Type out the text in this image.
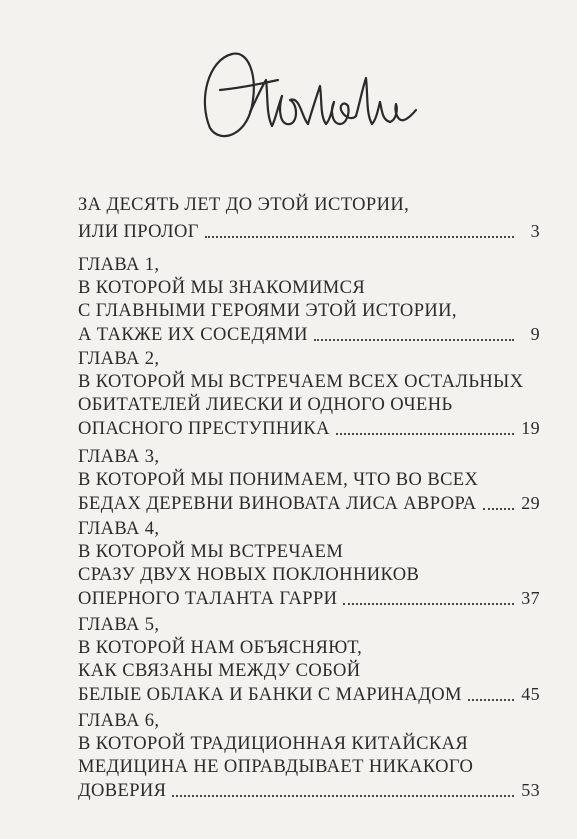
ЗА ДЕСЯТЬ ЛЕТ ДО ЭТОЙ ИСТОРИИ,
ИЛИ ПРОЛОГ	3
ГЛАВА 1,
В КОТОРОЙ МЫ ЗНАКОМИМСЯ
С ГЛАВНЫМИ ГЕРОЯМИ ЭТОЙ ИСТОРИИ,
А ТАКЖЕ ИХ СОСЕДЯМИ	9
ГЛАВА 2,
В КОТОРОЙ МЫ ВСТРЕЧАЕМ ВСЕХ ОСТАЛЬНЫХ
ОБИТАТЕЛЕЙ ЛИЕСКИ И ОДНОГО ОЧЕНЬ
ОПАСНОГО ПРЕСТУПНИКА	19
ГЛАВА 3,
В КОТОРОЙ МЫ ПОНИМАЕМ, ЧТО ВО ВСЕХ
БЕДАХ ДЕРЕВНИ ВИНОВАТА ЛИСА АВРОРА 29
ГЛАВА 4,
В КОТОРОЙ МЫ ВСТРЕЧАЕМ
СРАЗУ ДВУХ НОВЫХ ПОКЛОННИКОВ
ОПЕРНОГО ТАЛАНТА ГАРРИ	37
ГЛАВА 5,
В КОТОРОЙ НАМ ОБЪЯСНЯЮТ,
КАК СВЯЗАНЫ МЕЖДУ СОБОЙ
БЕЛЫЕ ОБЛАКА И БАНКИ С МАРИНАДОМ	45
ГЛАВА 6,
В КОТОРОЙ ТРАДИЦИОННАЯ КИТАЙСКАЯ
МЕДИЦИНА НЕ ОПРАВДЫВАЕТ НИКАКОГО
ДОВЕРИЯ	53
